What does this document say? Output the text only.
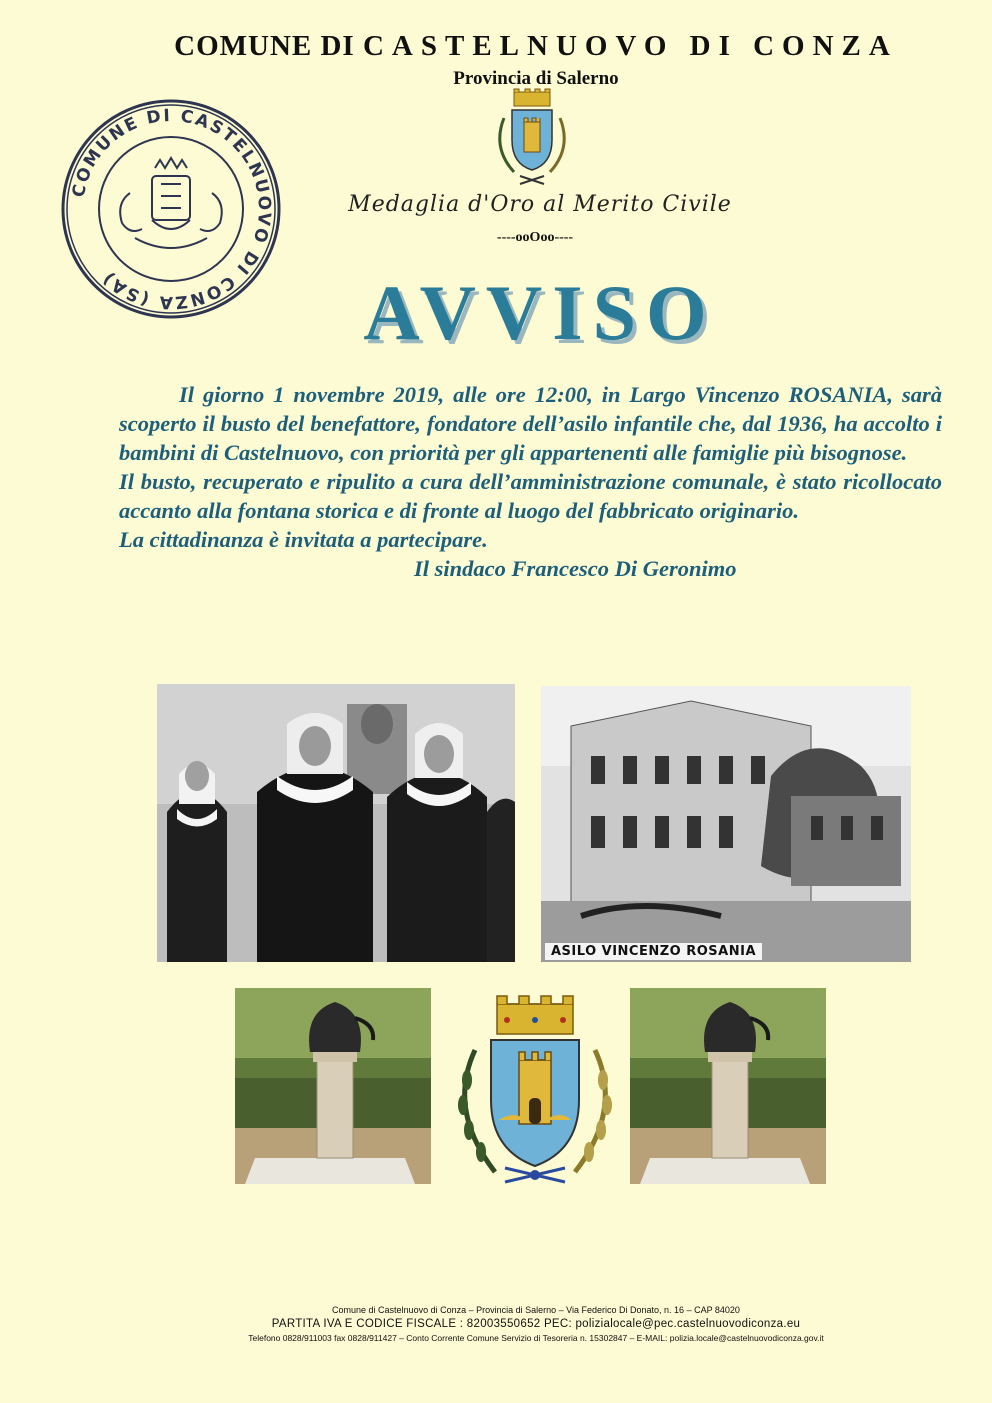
COMUNE DI CASTELNUOVO DI CONZA
Provincia di Salerno
COMUNE DI CASTELNUOVO DI CONZA (SA)
Medaglia d'Oro al Merito Civile
----ooOoo----
AVVISO

Il giorno 1 novembre 2019, alle ore 12:00, in Largo Vincenzo ROSANIA, sarà scoperto il busto del benefattore, fondatore dell’asilo infantile che, dal 1936, ha accolto i bambini di Castelnuovo, con priorità per gli appartenenti alle famiglie più bisognose.

Il busto, recuperato e ripulito a cura dell’amministrazione comunale, è stato ricollocato accanto alla fontana storica e di fronte al luogo del fabbricato originario.

La cittadinanza è invitata a partecipare.

Il sindaco Francesco Di Geronimo

ASILO VINCENZO ROSANIA
Comune di Castelnuovo di Conza – Provincia di Salerno – Via Federico Di Donato, n. 16 – CAP 84020
PARTITA IVA E CODICE FISCALE : 82003550652 PEC: polizialocale@pec.castelnuovodiconza.eu
Telefono 0828/911003 fax 0828/911427 – Conto Corrente Comune Servizio di Tesoreria n. 15302847 – E-MAIL: polizia.locale@castelnuovodiconza.gov.it
